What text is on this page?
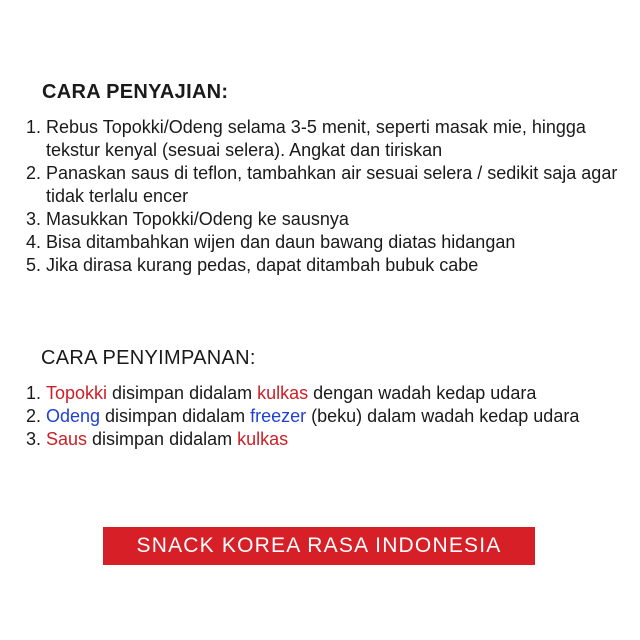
CARA PENYAJIAN:
1. Rebus Topokki/Odeng selama 3-5 menit, seperti masak mie, hingga tekstur kenyal (sesuai selera). Angkat dan tiriskan
2. Panaskan saus di teflon, tambahkan air sesuai selera / sedikit saja agar tidak terlalu encer
3. Masukkan Topokki/Odeng ke sausnya
4. Bisa ditambahkan wijen dan daun bawang diatas hidangan
5. Jika dirasa kurang pedas, dapat ditambah bubuk cabe
CARA PENYIMPANAN:
1. Topokki disimpan didalam kulkas dengan wadah kedap udara
2. Odeng disimpan didalam freezer (beku) dalam wadah kedap udara
3. Saus disimpan didalam kulkas
SNACK KOREA RASA INDONESIA
